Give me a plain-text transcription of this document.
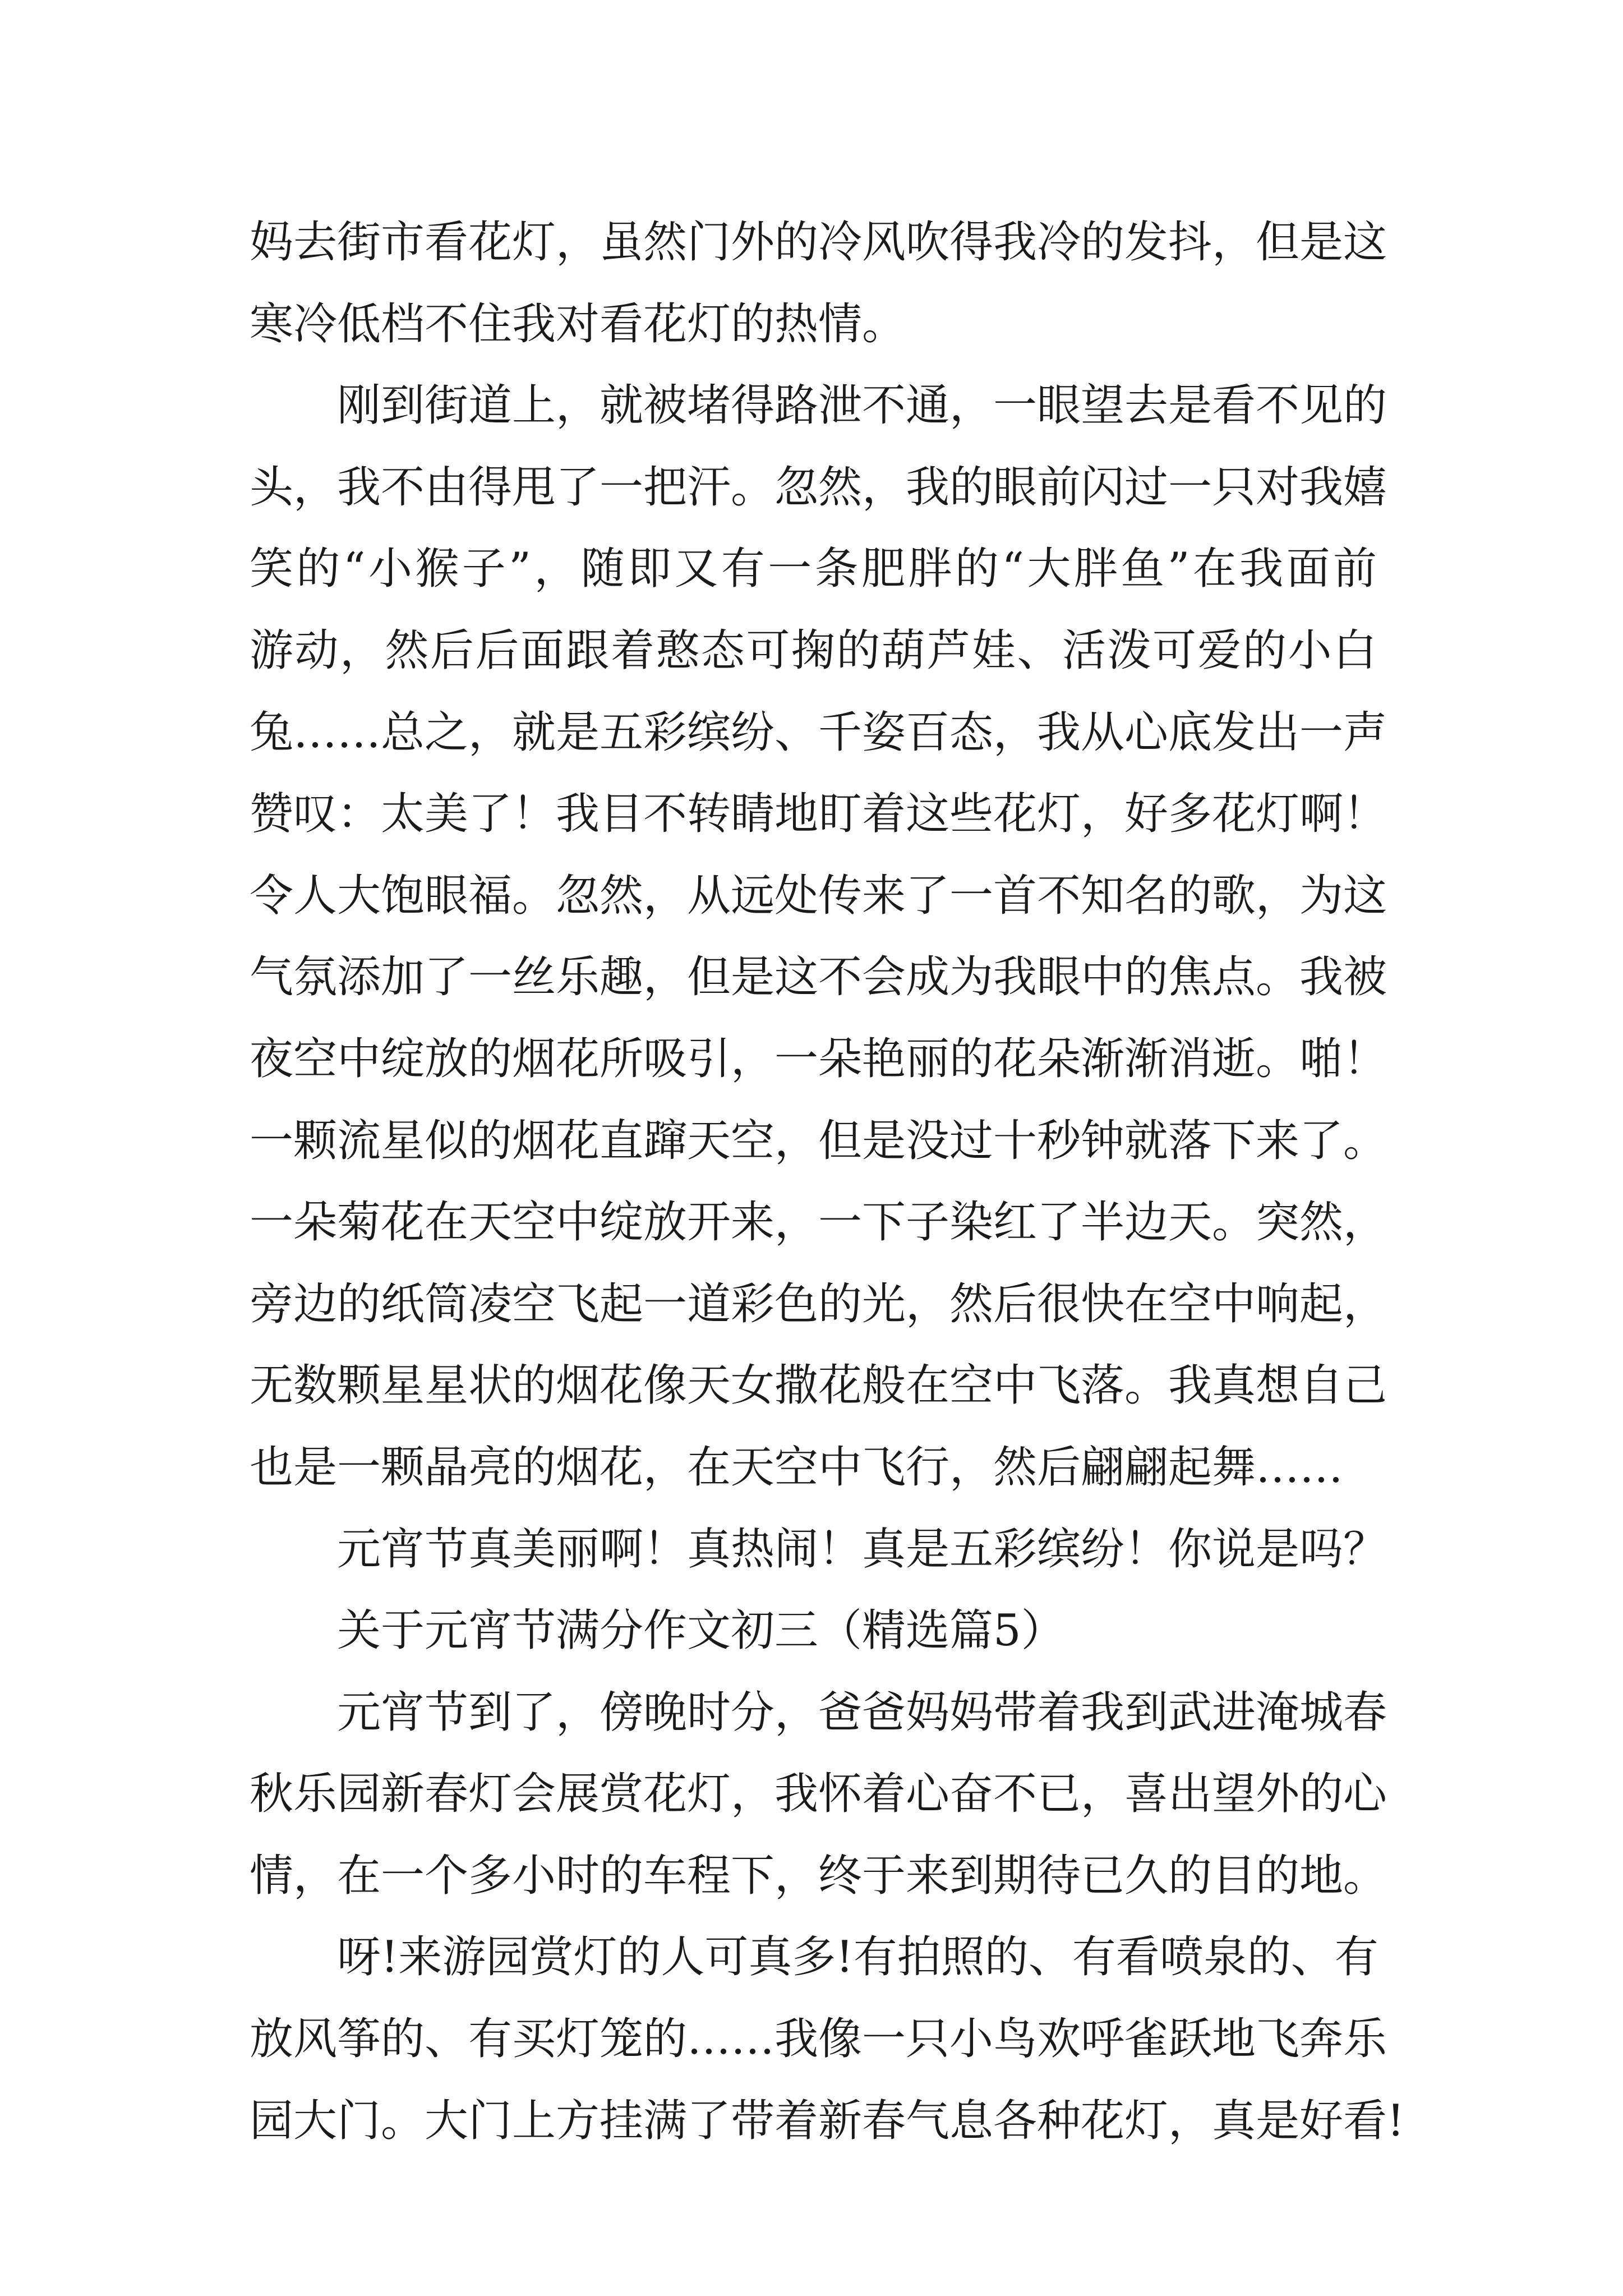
妈去街市看花灯，虽然门外的冷风吹得我冷的发抖，但是这
寒冷低档不住我对看花灯的热情。
刚到街道上，就被堵得路泄不通，一眼望去是看不见的
头，我不由得甩了一把汗。忽然，我的眼前闪过一只对我嬉
笑的“小猴子”，随即又有一条肥胖的“大胖鱼”在我面前
游动，然后后面跟着憨态可掬的葫芦娃、活泼可爱的小白
兔……总之，就是五彩缤纷、千姿百态，我从心底发出一声
赞叹：太美了！我目不转睛地盯着这些花灯，好多花灯啊！
令人大饱眼福。忽然，从远处传来了一首不知名的歌，为这
气氛添加了一丝乐趣，但是这不会成为我眼中的焦点。我被
夜空中绽放的烟花所吸引，一朵艳丽的花朵渐渐消逝。啪！
一颗流星似的烟花直蹿天空，但是没过十秒钟就落下来了。
一朵菊花在天空中绽放开来，一下子染红了半边天。突然，
旁边的纸筒凌空飞起一道彩色的光，然后很快在空中响起，
无数颗星星状的烟花像天女撒花般在空中飞落。我真想自己
也是一颗晶亮的烟花，在天空中飞行，然后翩翩起舞……
元宵节真美丽啊！真热闹！真是五彩缤纷！你说是吗？
关于元宵节满分作文初三（精选篇5）
元宵节到了，傍晚时分，爸爸妈妈带着我到武进淹城春
秋乐园新春灯会展赏花灯，我怀着心奋不已，喜出望外的心
情，在一个多小时的车程下，终于来到期待已久的目的地。
呀!来游园赏灯的人可真多!有拍照的、有看喷泉的、有
放风筝的、有买灯笼的……我像一只小鸟欢呼雀跃地飞奔乐
园大门。大门上方挂满了带着新春气息各种花灯，真是好看!
